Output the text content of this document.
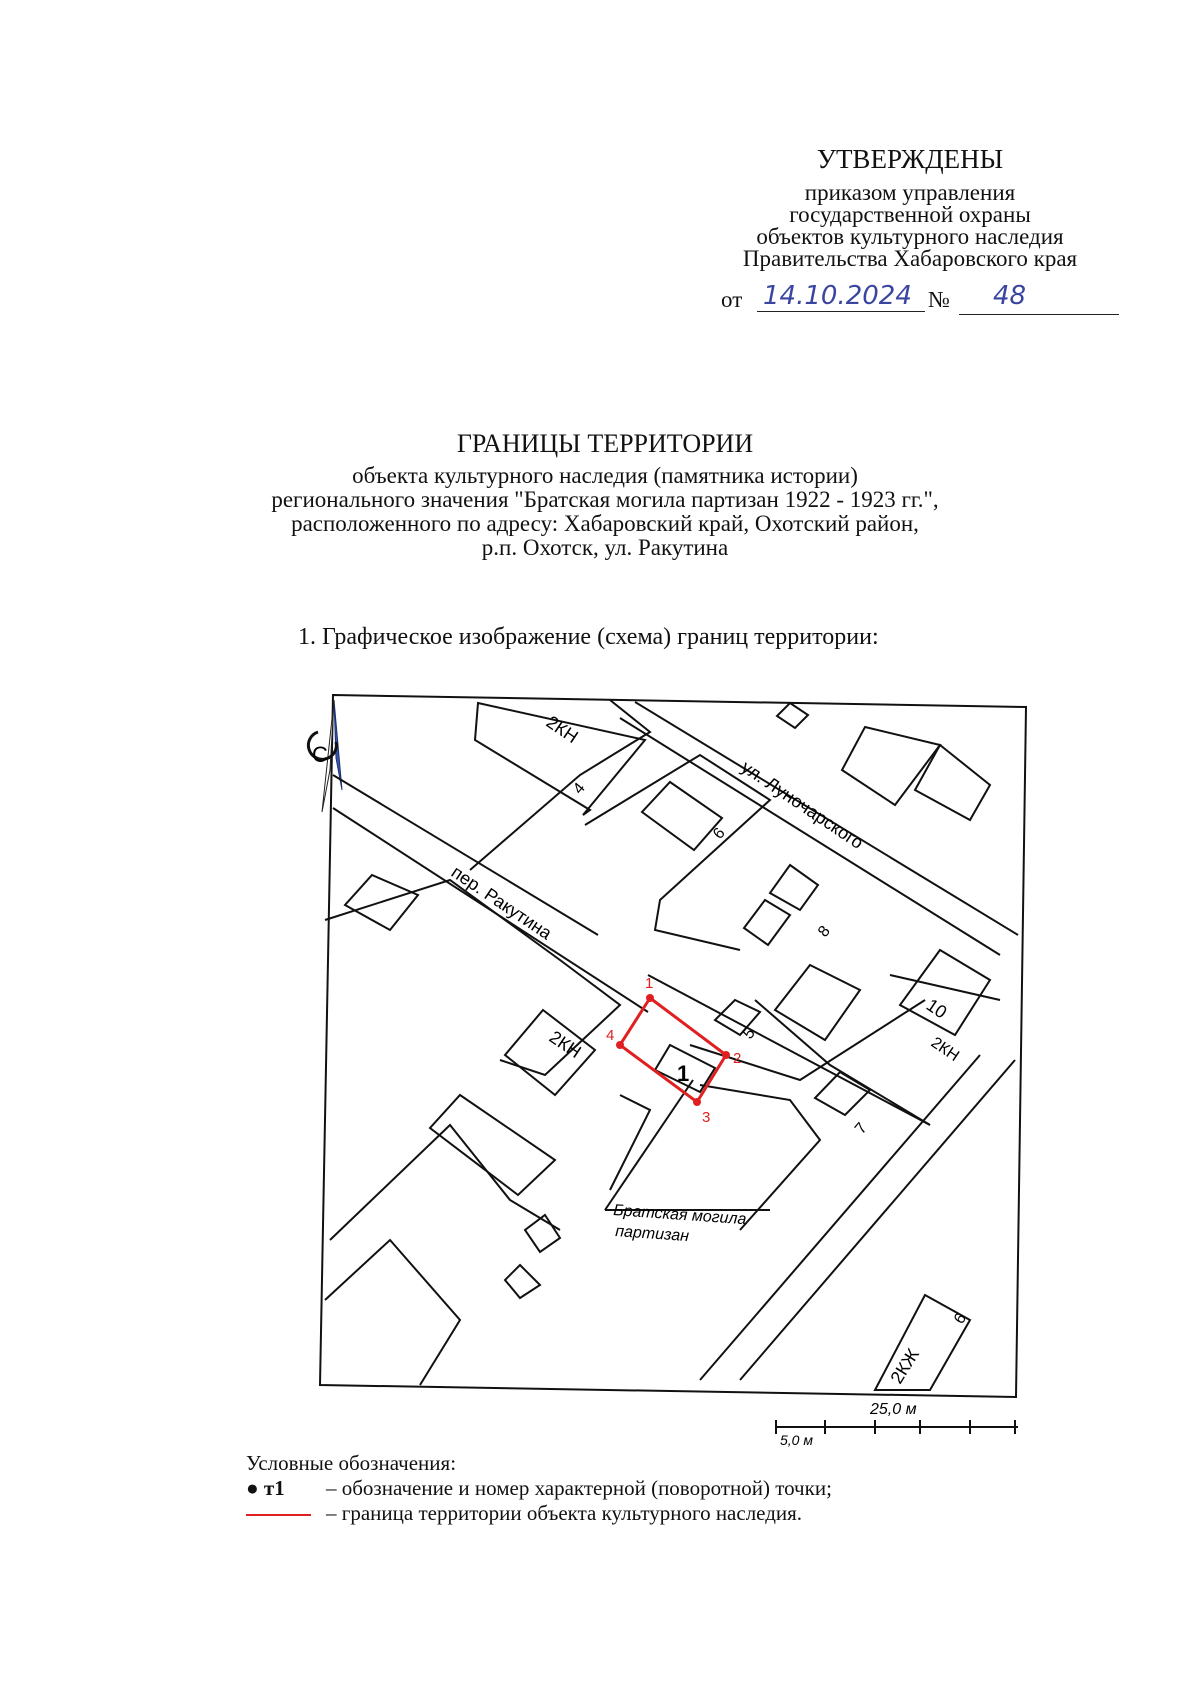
УТВЕРЖДЕНЫ
приказом управления
государственной охраны
объектов культурного наследия
Правительства Хабаровского края
от 14.10.2024 № 48
ГРАНИЦЫ ТЕРРИТОРИИ
объекта культурного наследия (памятника истории)
регионального значения "Братская могила партизан 1922 - 1923 гг.",
расположенного по адресу: Хабаровский край, Охотский район,
р.п. Охотск, ул. Ракутина
1. Графическое изображение (схема) границ территории:
С
ул. Луночарского
пер. Ракутина
2КН
4
6
8
5
2КН
10
2КН
7
2КЖ
6
1
Братская могила
партизан
1
2
3
4
25,0 м
5,0 м
Условные обозначения:
● т1 – обозначение и номер характерной (поворотной) точки;
– граница территории объекта культурного наследия.
